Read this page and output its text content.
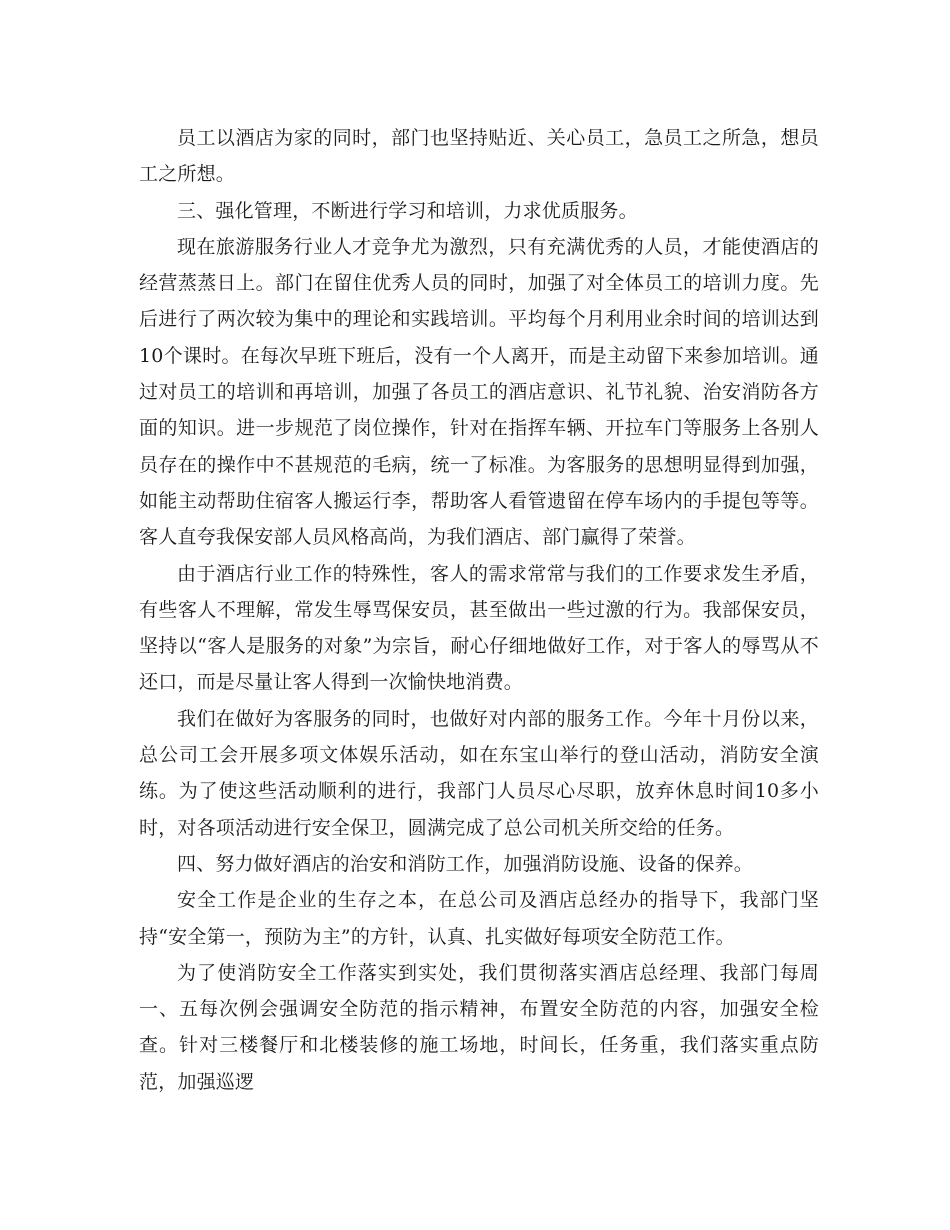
员工以酒店为家的同时，部门也坚持贴近、关心员工，急员工之所急，想员工之所想。

三、强化管理，不断进行学习和培训，力求优质服务。

现在旅游服务行业人才竞争尤为激烈，只有充满优秀的人员，才能使酒店的经营蒸蒸日上。部门在留住优秀人员的同时，加强了对全体员工的培训力度。先后进行了两次较为集中的理论和实践培训。平均每个月利用业余时间的培训达到10个课时。在每次早班下班后，没有一个人离开，而是主动留下来参加培训。通过对员工的培训和再培训，加强了各员工的酒店意识、礼节礼貌、治安消防各方面的知识。进一步规范了岗位操作，针对在指挥车辆、开拉车门等服务上各别人员存在的操作中不甚规范的毛病，统一了标准。为客服务的思想明显得到加强，如能主动帮助住宿客人搬运行李，帮助客人看管遗留在停车场内的手提包等等。客人直夸我保安部人员风格高尚，为我们酒店、部门赢得了荣誉。

由于酒店行业工作的特殊性，客人的需求常常与我们的工作要求发生矛盾，有些客人不理解，常发生辱骂保安员，甚至做出一些过激的行为。我部保安员，坚持以“客人是服务的对象”为宗旨，耐心仔细地做好工作，对于客人的辱骂从不还口，而是尽量让客人得到一次愉快地消费。

我们在做好为客服务的同时，也做好对内部的服务工作。今年十月份以来，总公司工会开展多项文体娱乐活动，如在东宝山举行的登山活动，消防安全演练。为了使这些活动顺利的进行，我部门人员尽心尽职，放弃休息时间10多小时，对各项活动进行安全保卫，圆满完成了总公司机关所交给的任务。

四、努力做好酒店的治安和消防工作，加强消防设施、设备的保养。

安全工作是企业的生存之本，在总公司及酒店总经办的指导下，我部门坚持“安全第一，预防为主”的方针，认真、扎实做好每项安全防范工作。

为了使消防安全工作落实到实处，我们贯彻落实酒店总经理、我部门每周一、五每次例会强调安全防范的指示精神，布置安全防范的内容，加强安全检查。针对三楼餐厅和北楼装修的施工场地，时间长，任务重，我们落实重点防范，加强巡逻
